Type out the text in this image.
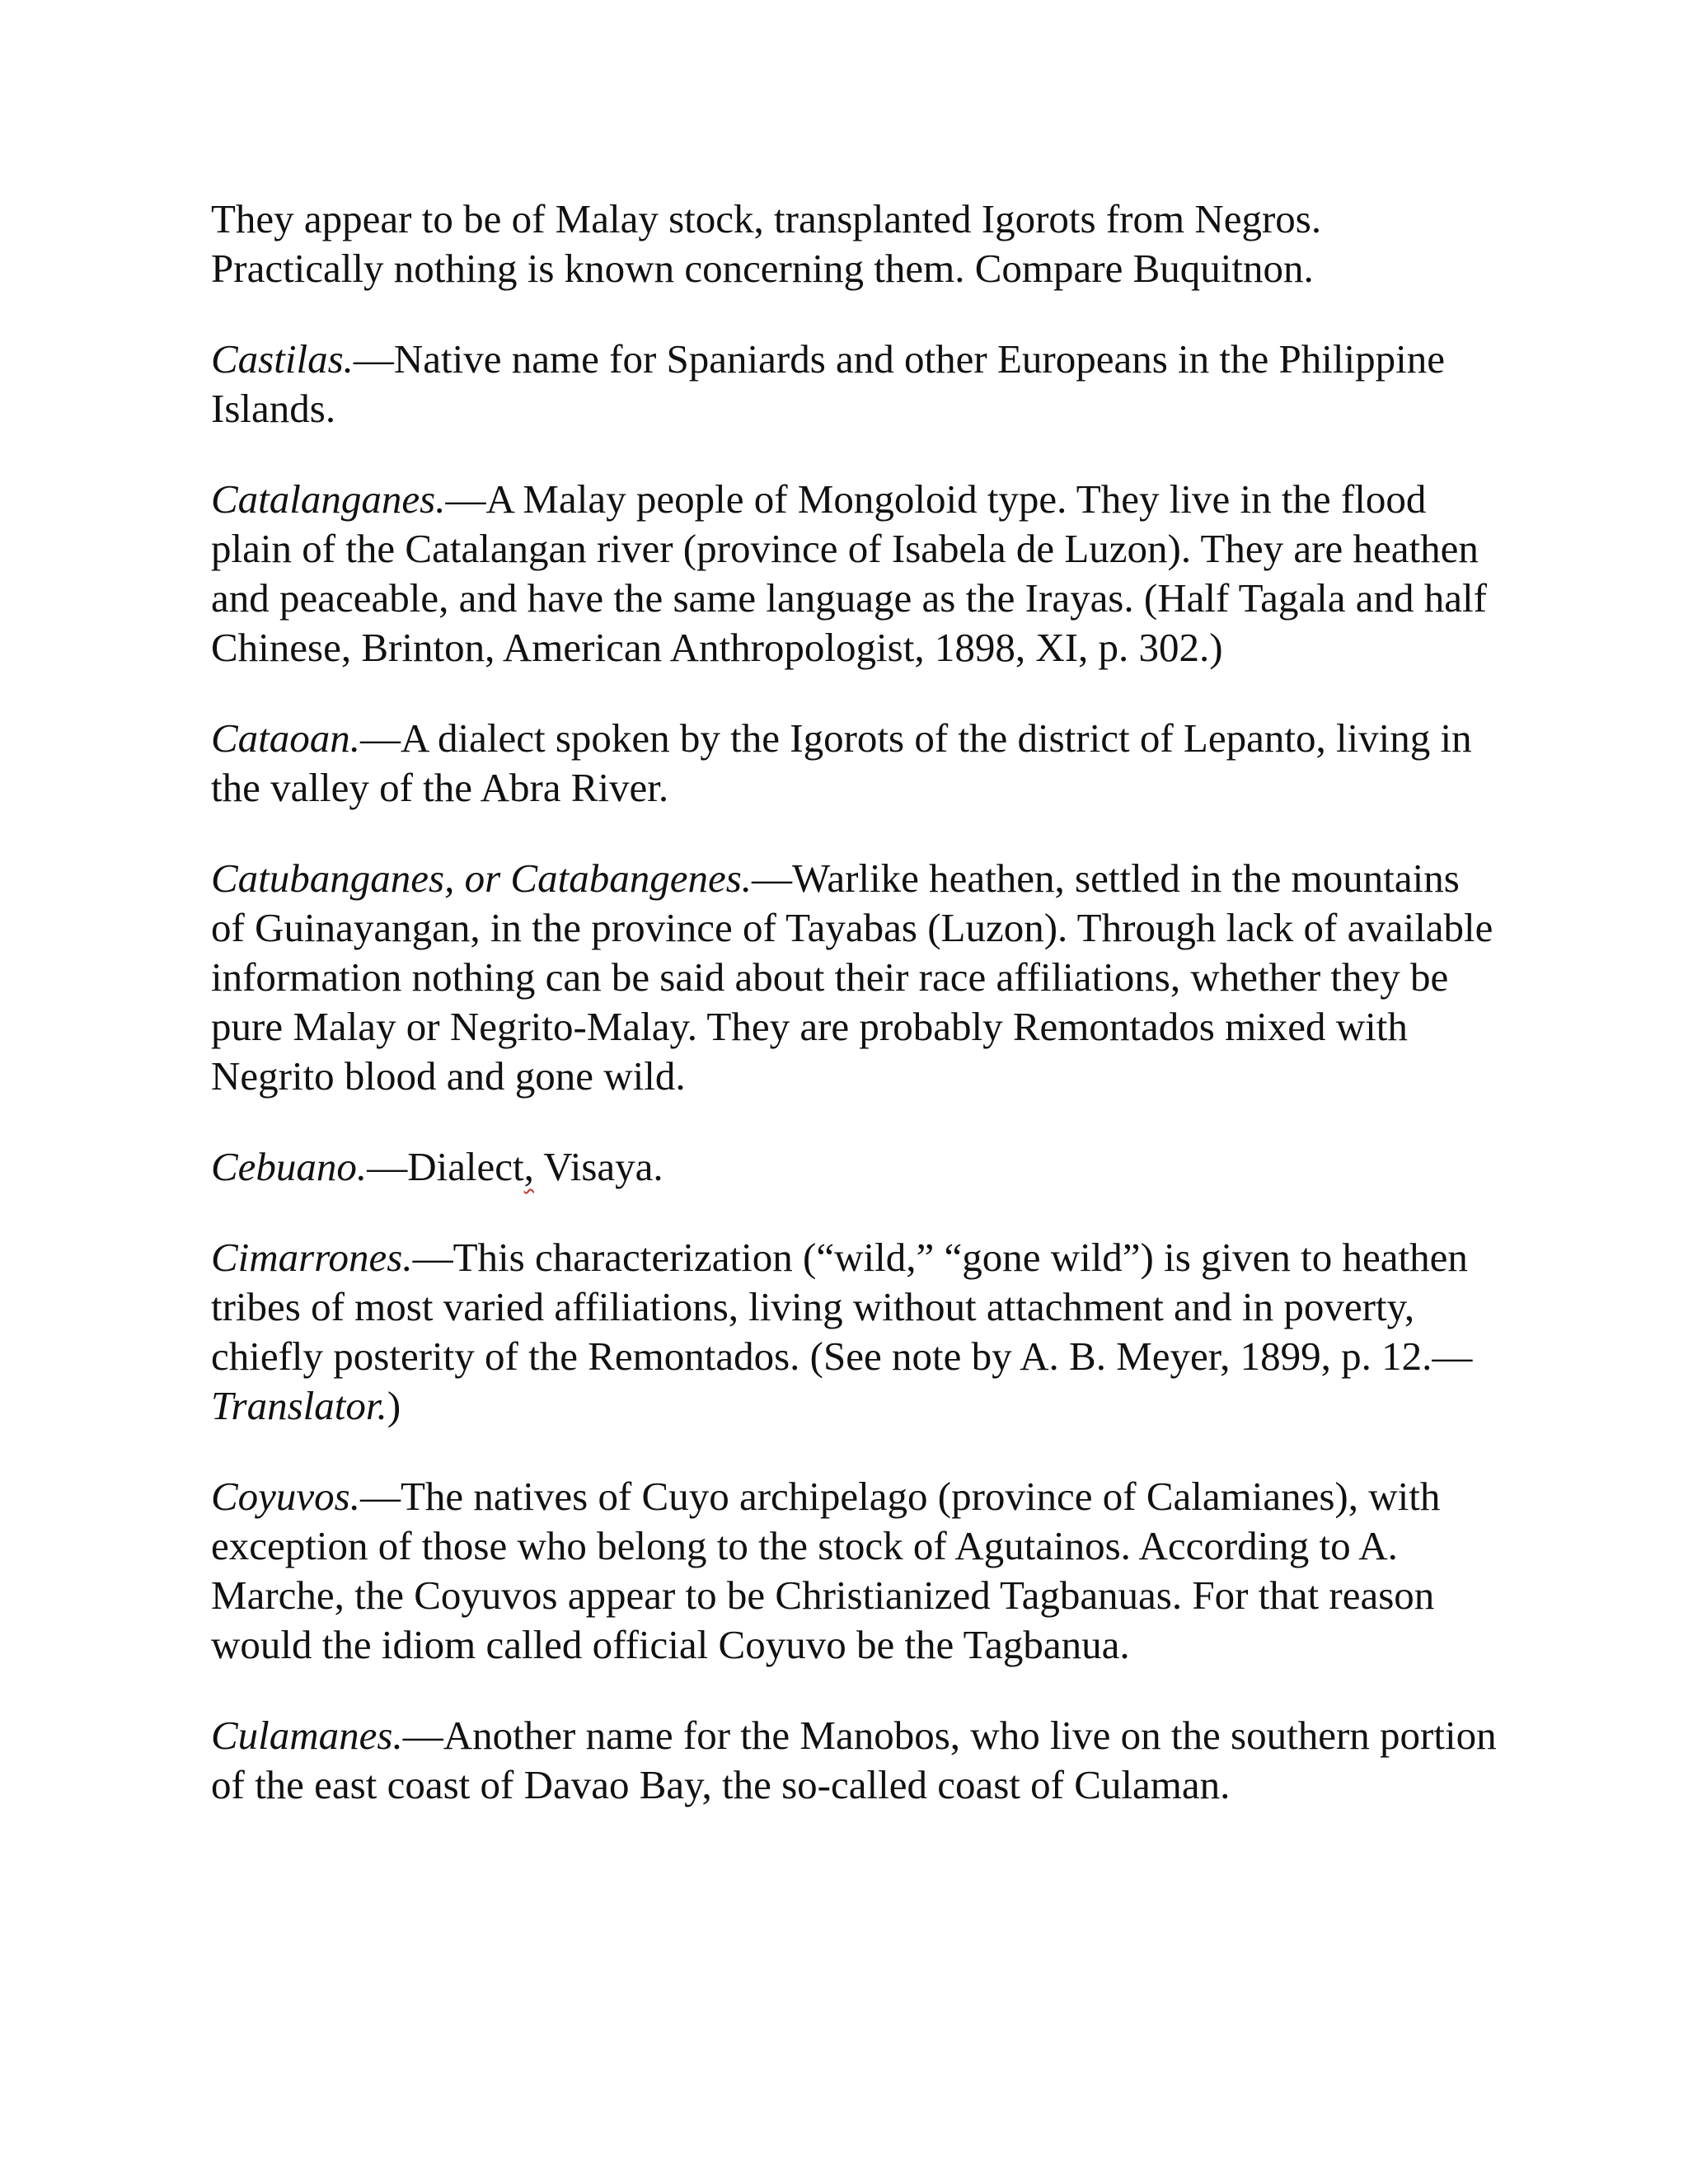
They appear to be of Malay stock, transplanted Igorots from Negros. Practically nothing is known concerning them. Compare Buquitnon.

Castilas.—Native name for Spaniards and other Europeans in the Philippine Islands.

Catalanganes.—A Malay people of Mongoloid type. They live in the flood plain of the Catalangan river (province of Isabela de Luzon). They are heathen and peaceable, and have the same language as the Irayas. (Half Tagala and half Chinese, Brinton, American Anthropologist, 1898, XI, p. 302.)

Cataoan.—A dialect spoken by the Igorots of the district of Lepanto, living in the valley of the Abra River.

Catubanganes, or Catabangenes.—Warlike heathen, settled in the mountains of Guinayangan, in the province of Tayabas (Luzon). Through lack of available information nothing can be said about their race affiliations, whether they be pure Malay or Negrito-Malay. They are probably Remontados mixed with Negrito blood and gone wild.

Cebuano.—Dialect, Visaya.

Cimarrones.—This characterization (“wild,” “gone wild”) is given to heathen tribes of most varied affiliations, living without attachment and in poverty, chiefly posterity of the Remontados. (See note by A. B. Meyer, 1899, p. 12.—Translator.)

Coyuvos.—The natives of Cuyo archipelago (province of Calamianes), with exception of those who belong to the stock of Agutainos. According to A. Marche, the Coyuvos appear to be Christianized Tagbanuas. For that reason would the idiom called official Coyuvo be the Tagbanua.

Culamanes.—Another name for the Manobos, who live on the southern portion of the east coast of Davao Bay, the so-called coast of Culaman.
